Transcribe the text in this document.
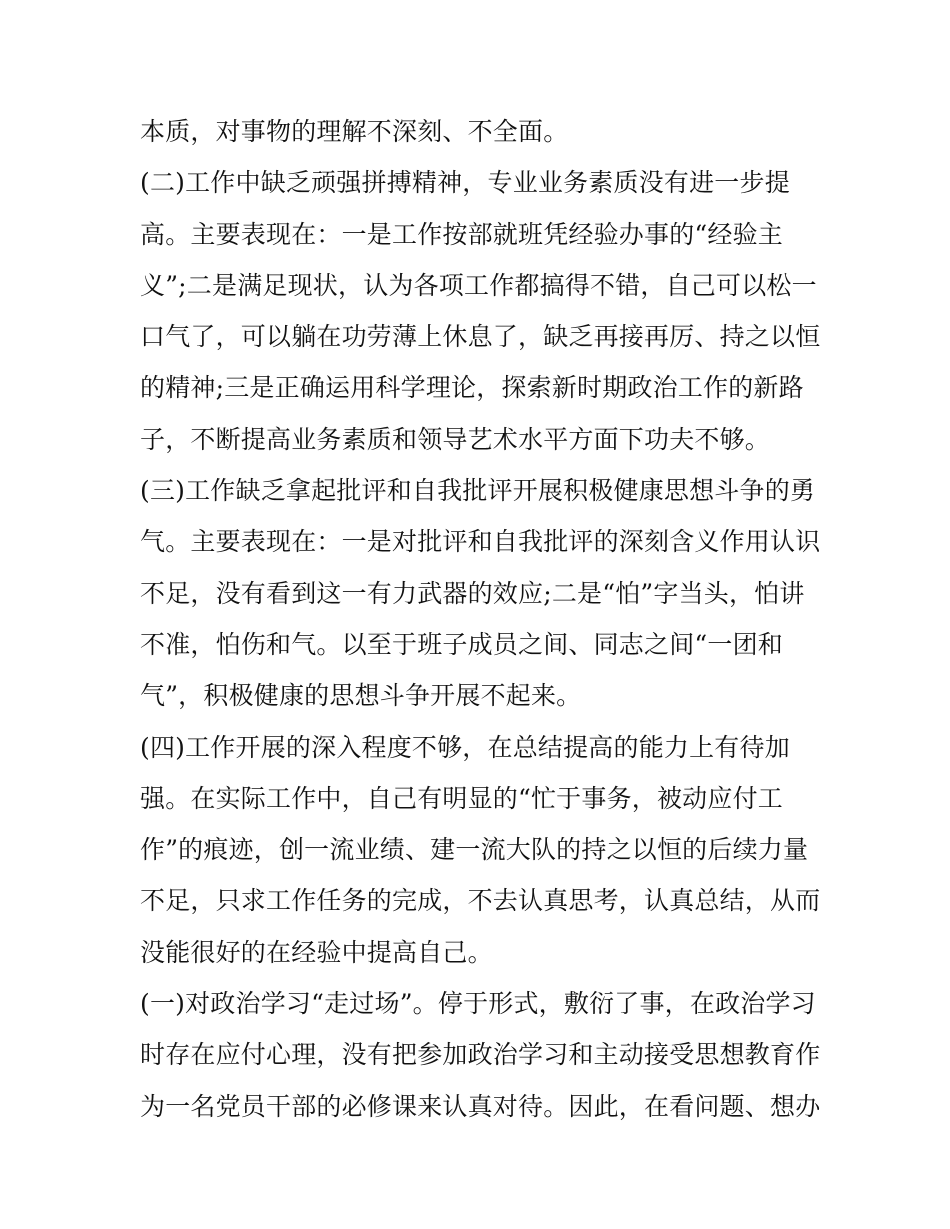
本质，对事物的理解不深刻、不全面。
(二)工作中缺乏顽强拼搏精神，专业业务素质没有进一步提
高。主要表现在：一是工作按部就班凭经验办事的“经验主
义”;二是满足现状，认为各项工作都搞得不错，自己可以松一
口气了，可以躺在功劳薄上休息了，缺乏再接再厉、持之以恒
的精神;三是正确运用科学理论，探索新时期政治工作的新路
子，不断提高业务素质和领导艺术水平方面下功夫不够。
(三)工作缺乏拿起批评和自我批评开展积极健康思想斗争的勇
气。主要表现在：一是对批评和自我批评的深刻含义作用认识
不足，没有看到这一有力武器的效应;二是“怕”字当头，怕讲
不准，怕伤和气。以至于班子成员之间、同志之间“一团和
气”，积极健康的思想斗争开展不起来。
(四)工作开展的深入程度不够，在总结提高的能力上有待加
强。在实际工作中，自己有明显的“忙于事务，被动应付工
作”的痕迹，创一流业绩、建一流大队的持之以恒的后续力量
不足，只求工作任务的完成，不去认真思考，认真总结，从而
没能很好的在经验中提高自己。
(一)对政治学习“走过场”。停于形式，敷衍了事，在政治学习
时存在应付心理，没有把参加政治学习和主动接受思想教育作
为一名党员干部的必修课来认真对待。因此，在看问题、想办
